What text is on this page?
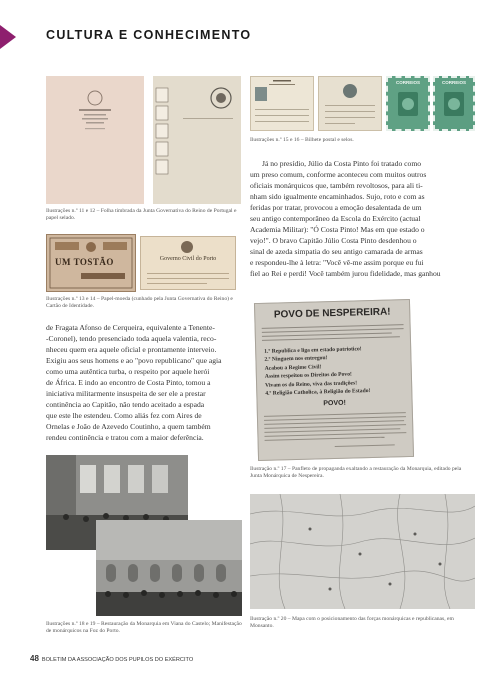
CULTURA E CONHECIMENTO
Ilustrações n.º 11 e 12 – Folha timbrada da Junta Governativa do Reino de Portugal e papel selado.
UM TOSTÃO	Governo Civil do Porto
Ilustrações n.º 13 e 14 – Papel-moeda (cunhado pela Junta Governativa do Reino) e Cartão de Identidade.
CORREIOS	CORREIOS
Ilustrações n.º 15 e 16 – Bilhete postal e selos.

Já no presídio, Júlio da Costa Pinto foi tratado como

um preso comum, conforme aconteceu com muitos outros

oficiais monárquicos que, também revoltosos, para ali ti-

nham sido igualmente encaminhados. Sujo, roto e com as

feridas por tratar, provocou a emoção desalentada de um

seu antigo contemporâneo da Escola do Exército (actual

Academia Militar): "Ó Costa Pinto! Mas em que estado o

vejo!". O bravo Capitão Júlio Costa Pinto desdenhou o

sinal de azeda simpatia do seu antigo camarada de armas

e respondeu-lhe à letra: "Você vê-me assim porque eu fui

fiel ao Rei e perdi! Você também jurou fidelidade, mas ganhou

de Fragata Afonso de Cerqueira, equivalente a Tenente-

-Coronel), tendo presenciado toda aquela valentia, reco-

nheceu quem era aquele oficial e prontamente interveio.

Exigiu aos seus homens e ao "povo republicano" que agia

como uma autêntica turba, o respeito por aquele herói

de África. E indo ao encontro de Costa Pinto, tomou a

iniciativa militarmente insuspeita de ser ele a prestar

continência ao Capitão, não tendo aceitado a espada

que este lhe estendeu. Como aliás fez com Aires de

Ornelas e João de Azevedo Coutinho, a quem também

rendeu continência e tratou com a maior deferência.

POVO DE NESPEREIRA!
1.º Republica e liga em estado patriotico!
2.º Ninguem nos entregou!
Acabou a Regime Civil!
Assim respeitou os Direitos do Povo!
Vivam os do Reino, viva das tradições!
4.º Religião Catholica, à Religião do Estado!
POVO!
Ilustração n.º 17 – Panfleto de propaganda exaltando a restauração da Monarquia, editado pela Junta Monárquica de Nespereira.
Ilustrações n.º 18 e 19 – Restauração da Monarquia em Viana do Castelo; Manifestação de monárquicos na Foz do Porto.
Ilustração n.º 20 – Mapa com o posicionamento das forças monárquicas e republicanas, em Monsanto.
48 BOLETIM DA ASSOCIAÇÃO DOS PUPILOS DO EXÉRCITO
